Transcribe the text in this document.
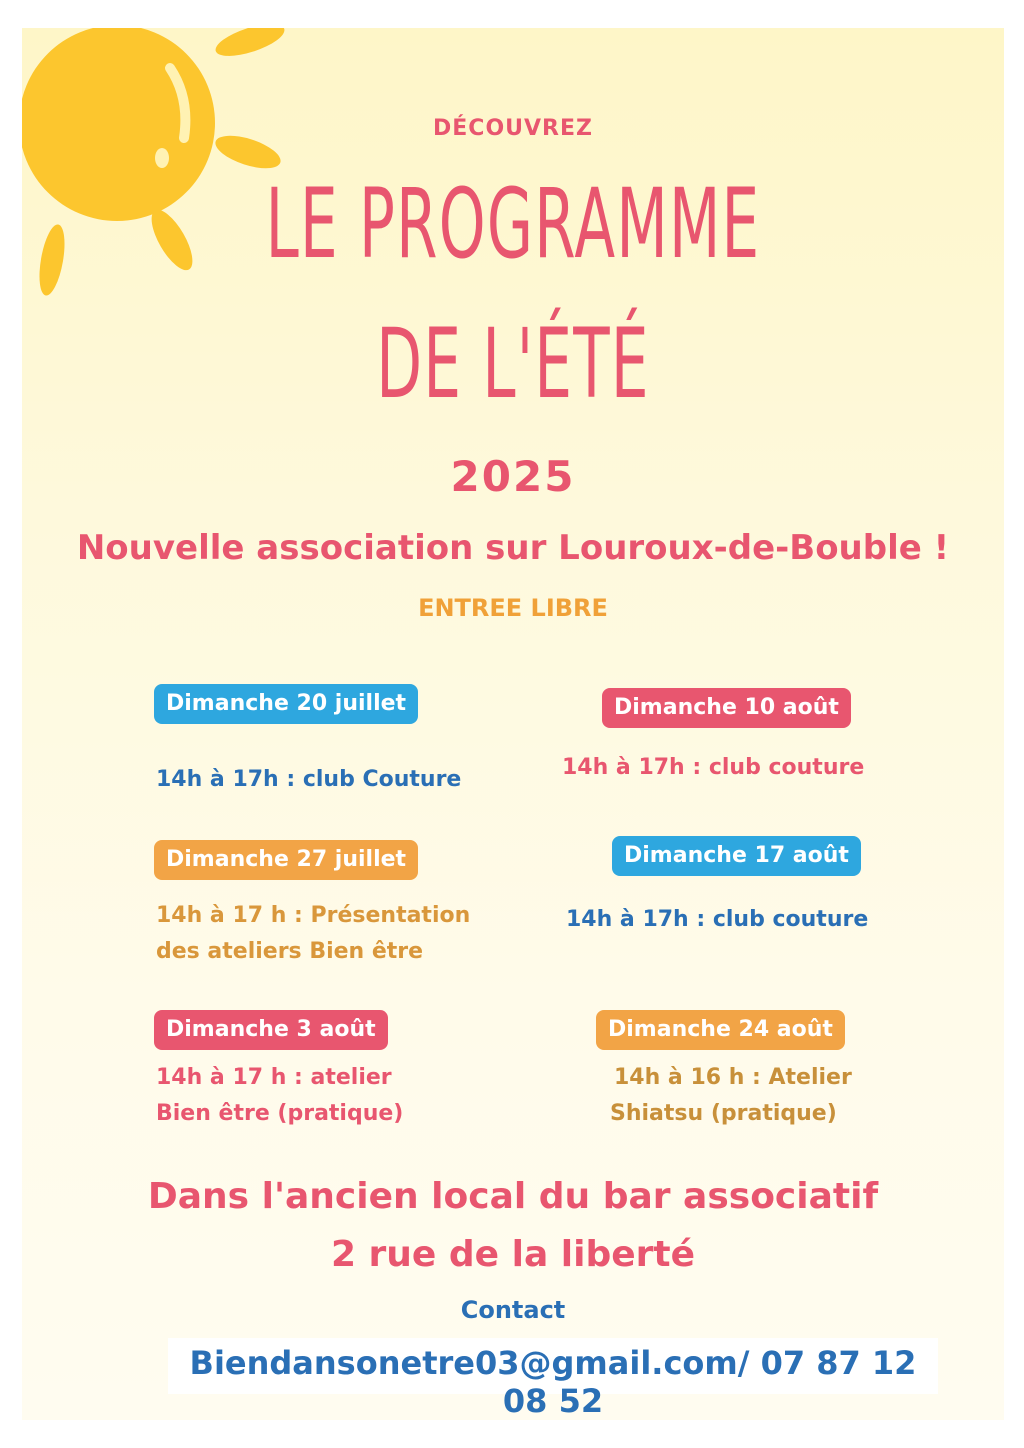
DÉCOUVREZ
LE PROGRAMME
DE L'ÉTÉ
2025
Nouvelle association sur Louroux-de-Bouble !
ENTREE LIBRE
Dimanche 20 juillet
14h à 17h : club Couture
Dimanche 10 août
14h à 17h : club couture
Dimanche 27 juillet
14h à 17 h : Présentation
des ateliers Bien être
Dimanche 17 août
14h à 17h : club couture
Dimanche 3 août
14h à 17 h : atelier
Bien être (pratique)
Dimanche 24 août
14h à 16 h : Atelier
Shiatsu (pratique)
Dans l'ancien local du bar associatif
2 rue de la liberté
Contact
Biendansonetre03@gmail.com/ 07 87 12 08 52
